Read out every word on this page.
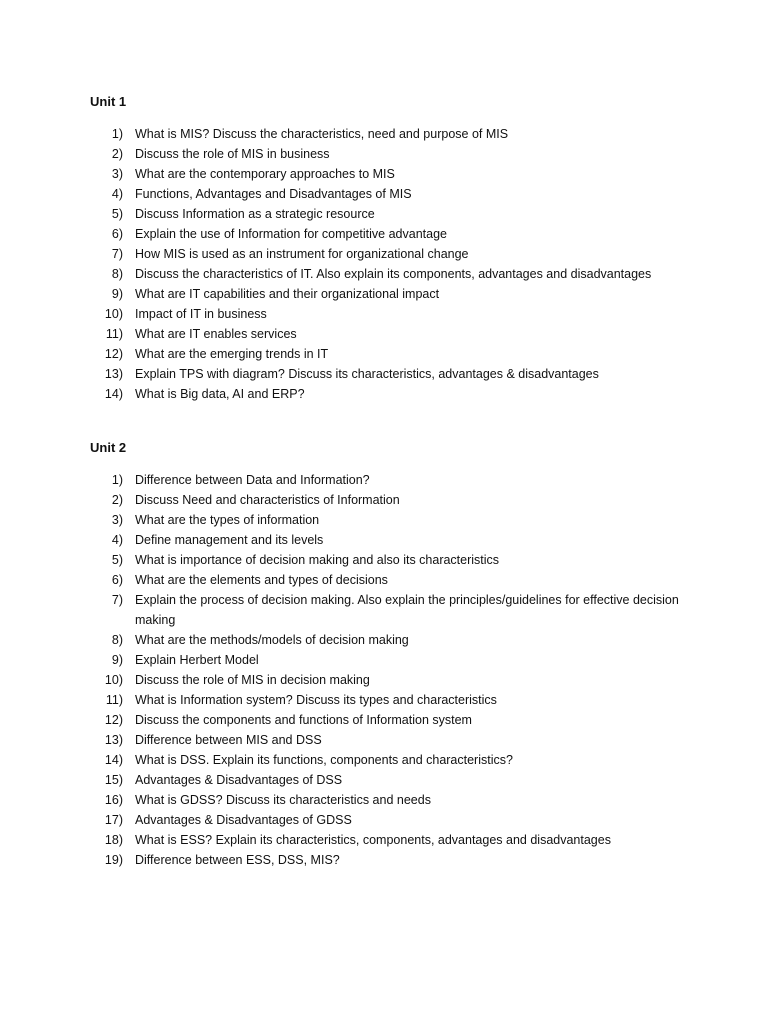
Unit 1
1) What is MIS? Discuss the characteristics, need and purpose of MIS
2) Discuss the role of MIS in business
3) What are the contemporary approaches to MIS
4) Functions, Advantages and Disadvantages of MIS
5) Discuss Information as a strategic resource
6) Explain the use of Information for competitive advantage
7) How MIS is used as an instrument for organizational change
8) Discuss the characteristics of IT. Also explain its components, advantages and disadvantages
9) What are IT capabilities and their organizational impact
10) Impact of IT in business
11) What are IT enables services
12) What are the emerging trends in IT
13) Explain TPS with diagram? Discuss its characteristics, advantages & disadvantages
14) What is Big data, AI and ERP?
Unit 2
1) Difference between Data and Information?
2) Discuss Need and characteristics of Information
3) What are the types of information
4) Define management and its levels
5) What is importance of decision making and also its characteristics
6) What are the elements and types of decisions
7) Explain the process of decision making. Also explain the principles/guidelines for effective decision making
8) What are the methods/models of decision making
9) Explain Herbert Model
10) Discuss the role of MIS in decision making
11) What is Information system? Discuss its types and characteristics
12) Discuss the components and functions of Information system
13) Difference between MIS and DSS
14) What is DSS. Explain its functions, components and characteristics?
15) Advantages & Disadvantages of DSS
16) What is GDSS? Discuss its characteristics and needs
17) Advantages & Disadvantages of GDSS
18) What is ESS? Explain its characteristics, components, advantages and disadvantages
19) Difference between ESS, DSS, MIS?
